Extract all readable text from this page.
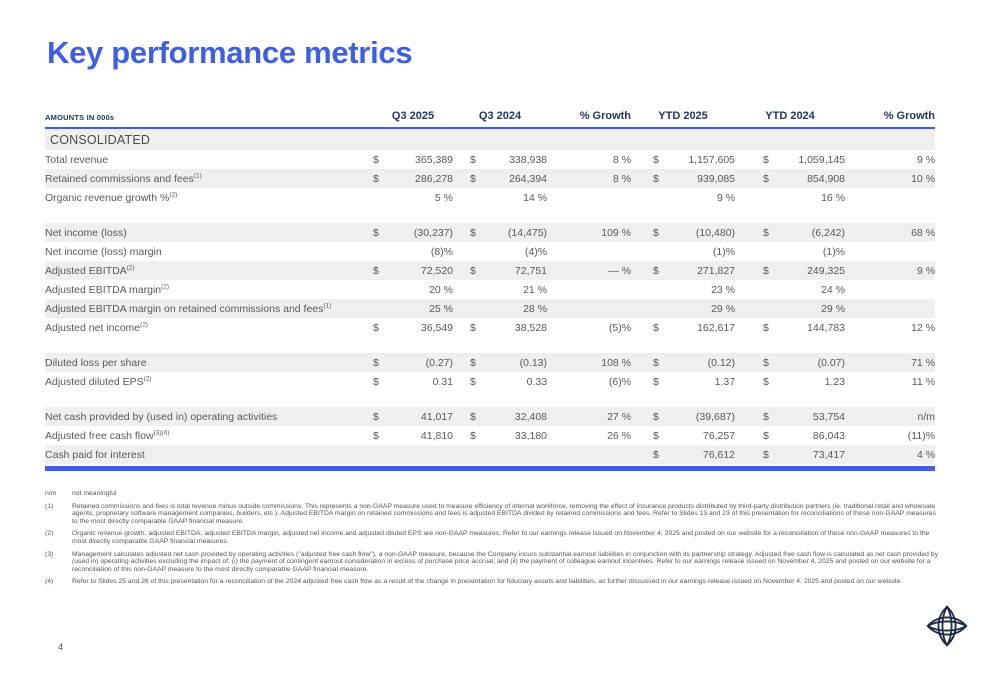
Key performance metrics
AMOUNTS IN 000s	Q3 2025		Q3 2024		% Growth	YTD 2025		YTD 2024		% Growth
CONSOLIDATED										
Total revenue	$	365,389	$	338,938	8 %	$	1,157,605	$	1,059,145	9 %
Retained commissions and fees$^{(1)}$	$	286,278	$	264,394	8 %	$	939,085	$	854,908	10 %
Organic revenue growth %$^{(2)}$		5 %		14 %			9 %		16 %	

Net income (loss)	$	(30,237)	$	(14,475)	109 %	$	(10,480)	$	(6,242)	68 %
Net income (loss) margin		(8)%		(4)%			(1)%		(1)%	
Adjusted EBITDA$^{(2)}$	$	72,520	$	72,751	— %	$	271,827	$	249,325	9 %
Adjusted EBITDA margin$^{(2)}$		20 %		21 %			23 %		24 %	
Adjusted EBITDA margin on retained commissions and fees$^{(1)}$		25 %		28 %			29 %		29 %	
Adjusted net income$^{(2)}$	$	36,549	$	38,528	(5)%	$	162,617	$	144,783	12 %

Diluted loss per share	$	(0.27)	$	(0.13)	108 %	$	(0.12)	$	(0.07)	71 %
Adjusted diluted EPS$^{(2)}$	$	0.31	$	0.33	(6)%	$	1.37	$	1.23	11 %

Net cash provided by (used in) operating activities	$	41,017	$	32,408	27 %	$	(39,687)	$	53,754	n/m
Adjusted free cash flow$^{(3)(4)}$	$	41,810	$	33,180	26 %	$	76,257	$	86,043	(11)%
Cash paid for interest						$	76,612	$	73,417	4 %
n/m	not meaningful
(1)	Retained commissions and fees is total revenue minus outside commissions. This represents a non-GAAP measure used to measure efficiency of internal workforce, removing the effect of insurance products distributed by third-party distribution partners (ie. traditional retail and wholesale agents, proprietary software management companies, builders, etc.). Adjusted EBITDA margin on retained commissions and fees is adjusted EBITDA divided by retained commissions and fees. Refer to Slides 13 and 23 of this presentation for reconciliations of these non-GAAP measures to the most directly comparable GAAP financial measure.
(2)	Organic revenue growth, adjusted EBITDA, adjusted EBITDA margin, adjusted net income and adjusted diluted EPS are non-GAAP measures. Refer to our earnings release issued on November 4, 2025 and posted on our website for a reconciliation of these non-GAAP measures to the most directly comparable GAAP financial measures.
(3)	Management calculates adjusted net cash provided by operating activities ("adjusted free cash flow"), a non-GAAP measure, because the Company incurs substantial earnout liabilities in conjunction with its partnership strategy. Adjusted free cash flow is calculated as net cash provided by (used in) operating activities excluding the impact of: (i) the payment of contingent earnout consideration in excess of purchase price accrual; and (ii) the payment of colleague earnout incentives. Refer to our earnings release issued on November 4, 2025 and posted on our website for a reconciliation of this non-GAAP measure to the most directly comparable GAAP financial measure.
(4)	Refer to Slides 25 and 26 of this presentation for a reconciliation of the 2024 adjusted free cash flow as a result of the change in presentation for fiduciary assets and liabilities, as further discussed in our earnings release issued on November 4, 2025 and posted on our website.
4
